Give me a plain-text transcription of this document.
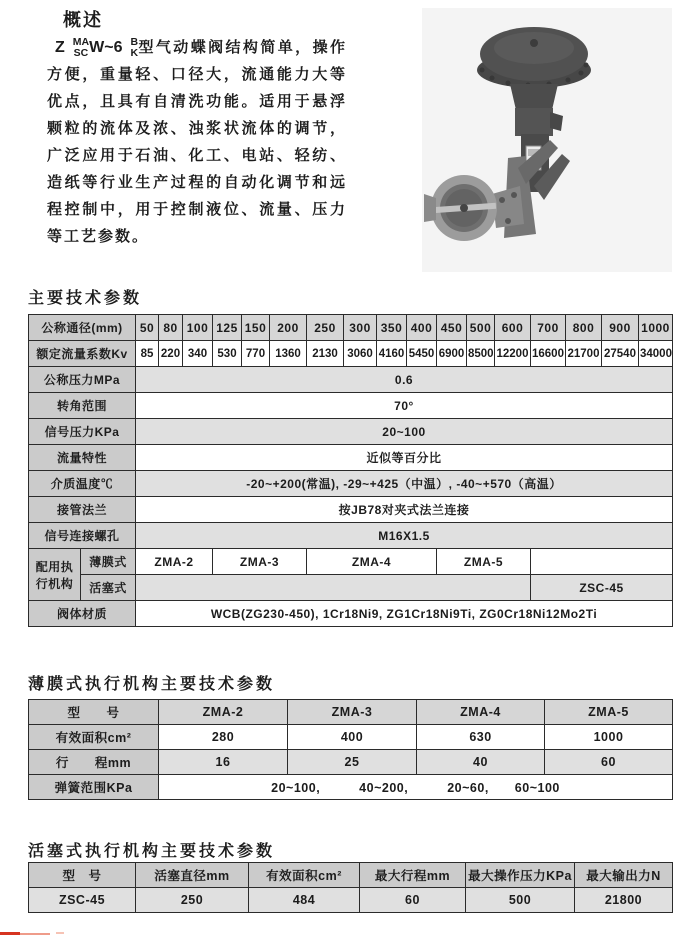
概述

Z MA
SC W~6 B
K 型气动蝶阀结构简单，操作方便，重量轻、口径大，流通能力大等优点，且具有自清洗功能。适用于悬浮颗粒的流体及浓、浊浆状流体的调节，广泛应用于石油、化工、电站、轻纺、造纸等行业生产过程的自动化调节和远程控制中，用于控制液位、流量、压力等工艺参数。

主要技术参数
公称通径(mm)		50	80	100	125	150	200	250	300	350	400	450	500	600	700	800	900	1000
额定流量系数Kv		85	220	340	530	770	1360	2130	3060	4160	5450	6900	8500	12200	16600	21700	27540	34000
公称压力MPa		0.6																
转角范围		70°																
信号压力KPa		20~100																
流量特性		近似等百分比																
介质温度℃		-20~+200(常温), -29~+425（中温）, -40~+570（高温）																
接管法兰		按JB78对夹式法兰连接																
信号连接螺孔		M16X1.5																

配用执
行机构	薄膜式	ZMA-2			ZMA-3			ZMA-4				ZMA-5						
	活塞式														ZSC-45			
阀体材质		WCB(ZG230-450), 1Cr18Ni9, ZG1Cr18Ni9Ti, ZG0Cr18Ni12Mo2Ti																
薄膜式执行机构主要技术参数
型　　号	ZMA-2	ZMA-3	ZMA-4	ZMA-5
有效面积cm²	280	400	630	1000
行　　程mm	16	25	40	60
弹簧范围KPa	20~100,　　　40~200,　　　20~60,　　60~100			
活塞式执行机构主要技术参数
型　号	活塞直径mm	有效面积cm²	最大行程mm	最大操作压力KPa	最大输出力N
ZSC-45	250	484	60	500	21800
